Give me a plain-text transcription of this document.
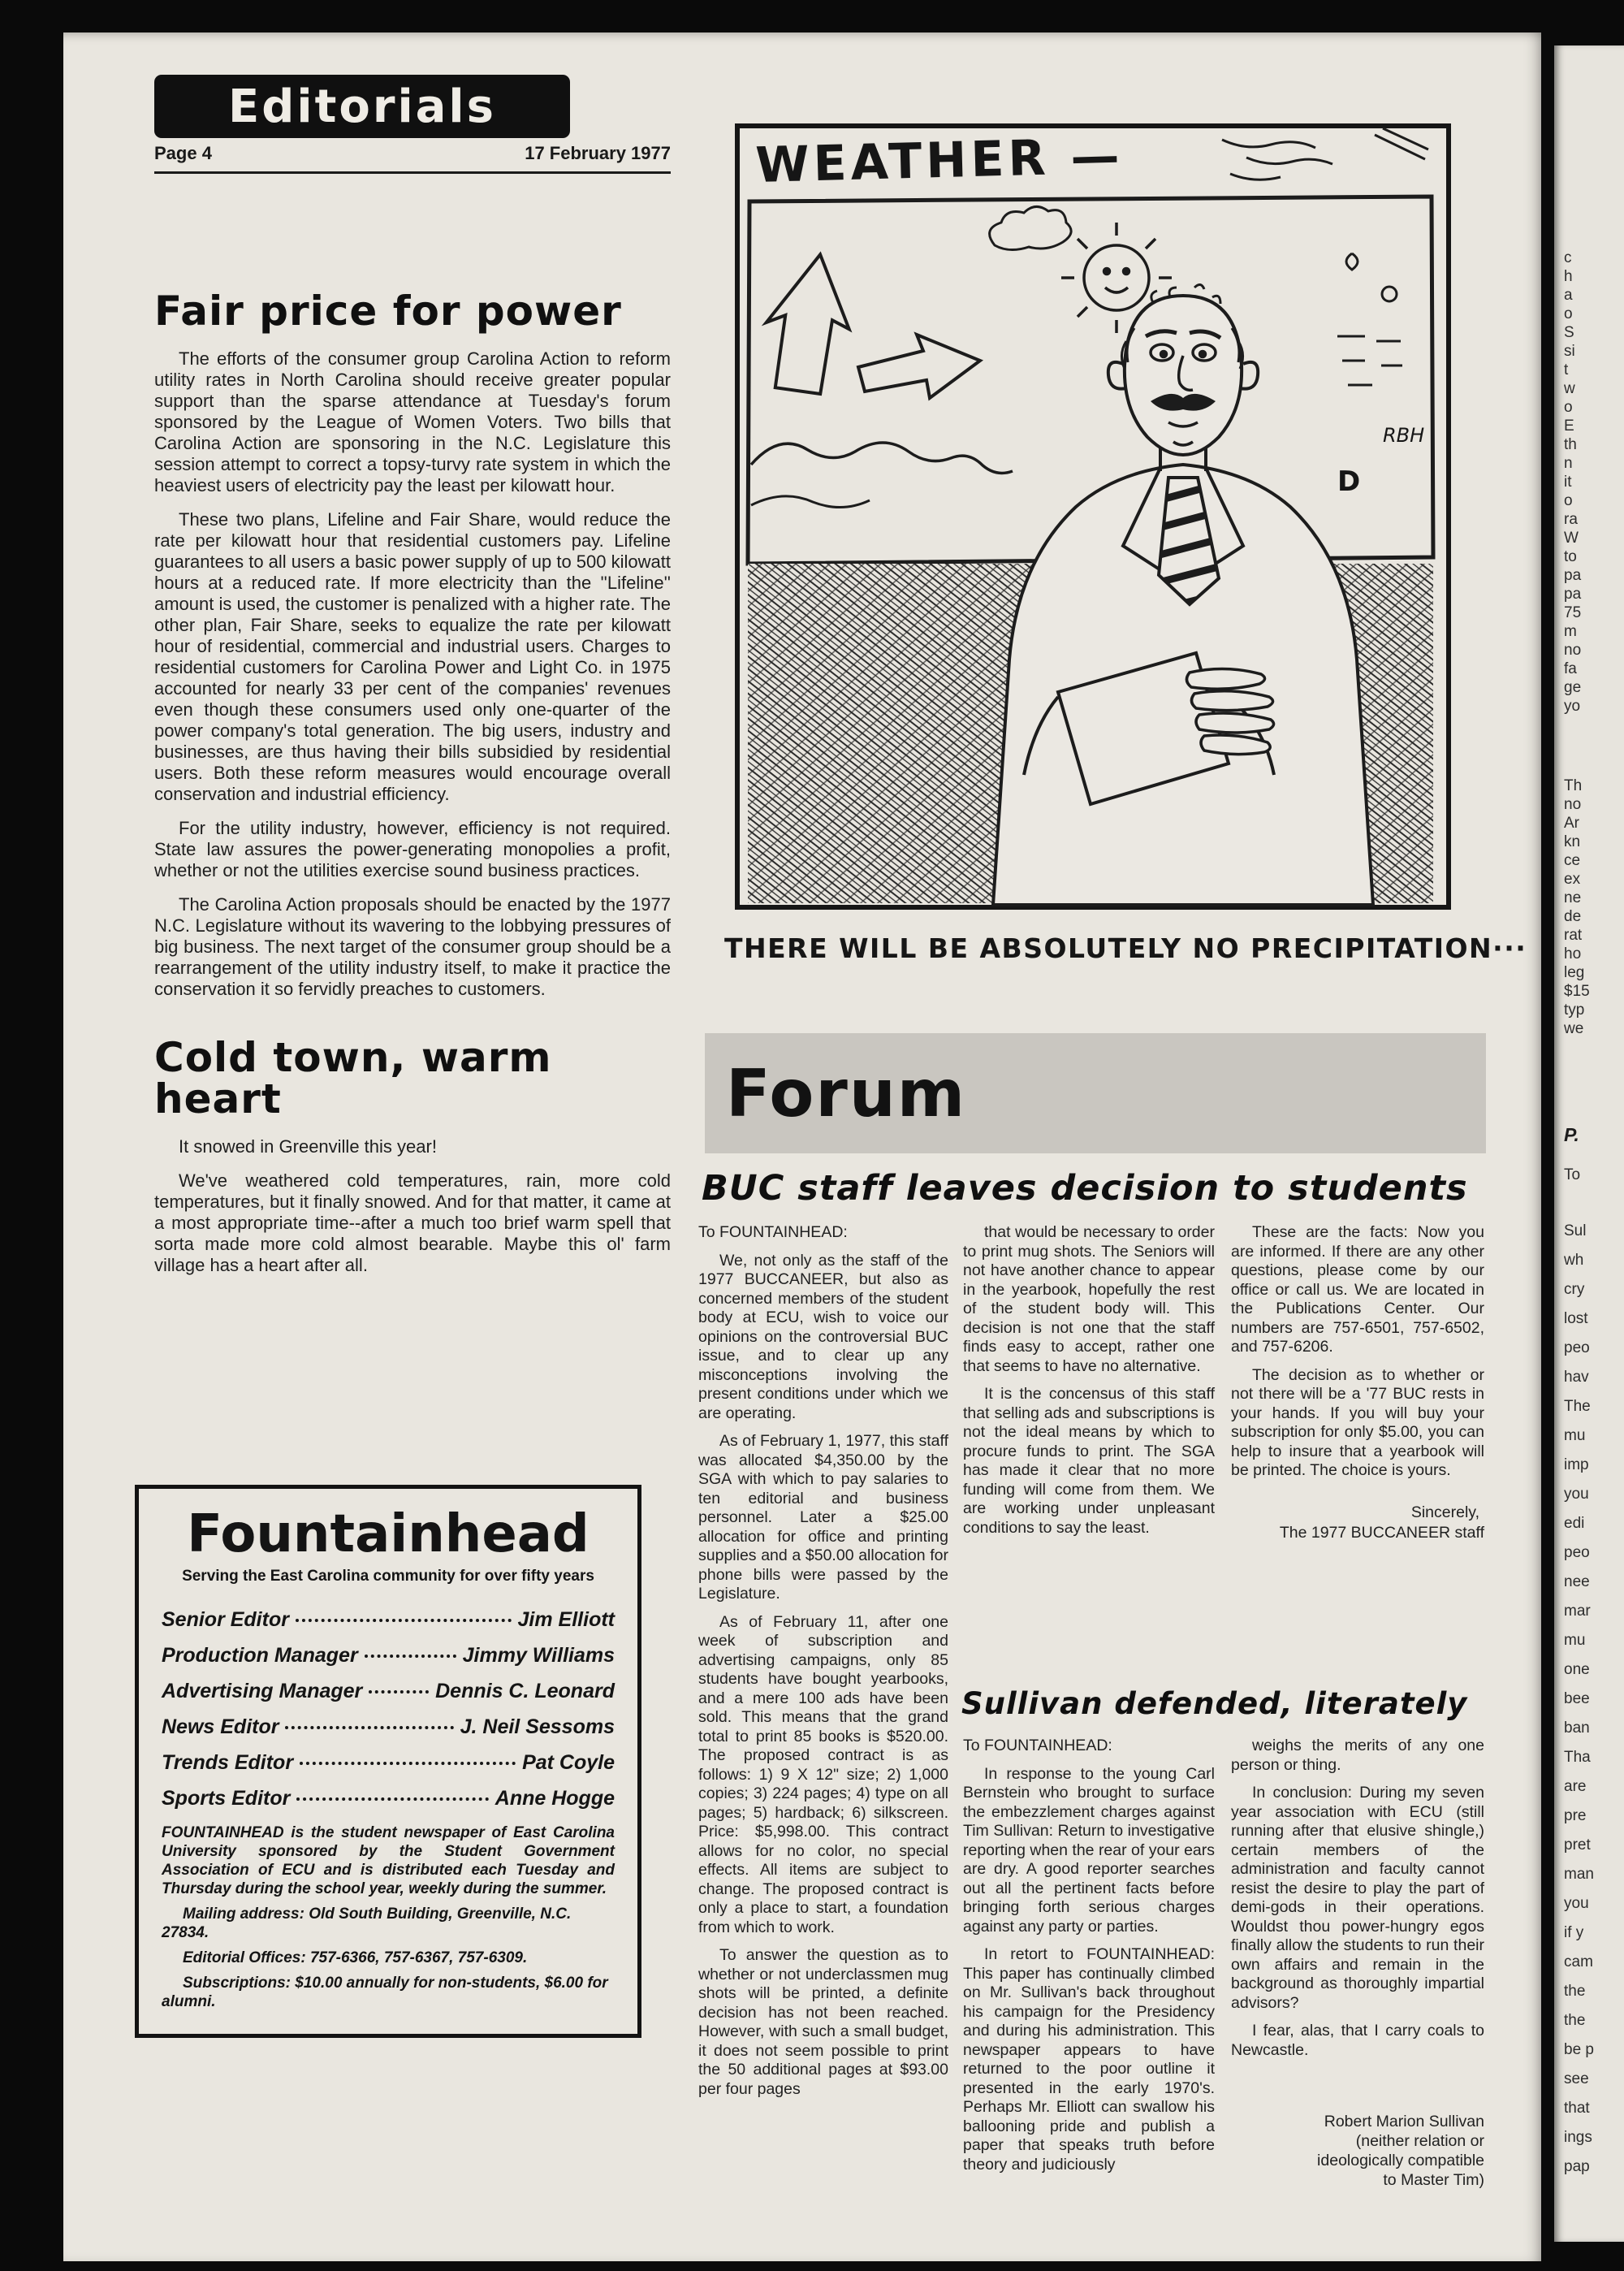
Editorials
Page 4	17 February 1977
Fair price for power

The efforts of the consumer group Carolina Action to reform utility rates in North Carolina should receive greater popular support than the sparse attendance at Tuesday's forum sponsored by the League of Women Voters. Two bills that Carolina Action are sponsoring in the N.C. Legislature this session attempt to correct a topsy-turvy rate system in which the heaviest users of electricity pay the least per kilowatt hour.

These two plans, Lifeline and Fair Share, would reduce the rate per kilowatt hour that residential customers pay. Lifeline guarantees to all users a basic power supply of up to 500 kilowatt hours at a reduced rate. If more electricity than the ''Lifeline'' amount is used, the customer is penalized with a higher rate. The other plan, Fair Share, seeks to equalize the rate per kilowatt hour of residential, commercial and industrial users. Charges to residential customers for Carolina Power and Light Co. in 1975 accounted for nearly 33 per cent of the companies' revenues even though these consumers used only one-quarter of the power company's total generation. The big users, industry and businesses, are thus having their bills subsidied by residential users. Both these reform measures would encourage overall conservation and industrial efficiency.

For the utility industry, however, efficiency is not required. State law assures the power-generating monopolies a profit, whether or not the utilities exercise sound business practices.

The Carolina Action proposals should be enacted by the 1977 N.C. Legislature without its wavering to the lobbying pressures of big business. The next target of the consumer group should be a rearrangement of the utility industry itself, to make it practice the conservation it so fervidly preaches to customers.

Cold town, warm heart

It snowed in Greenville this year!

We've weathered cold temperatures, rain, more cold temperatures, but it finally snowed. And for that matter, it came at a most appropriate time--after a much too brief warm spell that sorta made more cold almost bearable. Maybe this ol' farm village has a heart after all.

Fountainhead
Serving the East Carolina community for over fifty years
Senior Editor	Jim Elliott
Production Manager	Jimmy Williams
Advertising Manager	Dennis C. Leonard
News Editor	J. Neil Sessoms
Trends Editor	Pat Coyle
Sports Editor	Anne Hogge

FOUNTAINHEAD is the student newspaper of East Carolina University sponsored by the Student Government Association of ECU and is distributed each Tuesday and Thursday during the school year, weekly during the summer.

Mailing address: Old South Building, Greenville, N.C. 27834.

Editorial Offices: 757-6366, 757-6367, 757-6309.

Subscriptions: $10.00 annually for non-students, $6.00 for alumni.

WEATHER —
D
RBH
THERE WILL BE ABSOLUTELY NO PRECIPITATION···
Forum
BUC staff leaves decision to students

To FOUNTAINHEAD:

We, not only as the staff of the 1977 BUCCANEER, but also as concerned members of the student body at ECU, wish to voice our opinions on the controversial BUC issue, and to clear up any misconceptions involving the present conditions under which we are operating.

As of February 1, 1977, this staff was allocated $4,350.00 by the SGA with which to pay salaries to ten editorial and business personnel. Later a $25.00 allocation for office and printing supplies and a $50.00 allocation for phone bills were passed by the Legislature.

As of February 11, after one week of subscription and advertising campaigns, only 85 students have bought yearbooks, and a mere 100 ads have been sold. This means that the grand total to print 85 books is $520.00. The proposed contract is as follows: 1) 9 X 12" size; 2) 1,000 copies; 3) 224 pages; 4) type on all pages; 5) hardback; 6) silkscreen. Price: $5,998.00. This contract allows for no color, no special effects. All items are subject to change. The proposed contract is only a place to start, a foundation from which to work.

To answer the question as to whether or not underclassmen mug shots will be printed, a definite decision has not been reached. However, with such a small budget, it does not seem possible to print the 50 additional pages at $93.00 per four pages

that would be necessary to order to print mug shots. The Seniors will not have another chance to appear in the yearbook, hopefully the rest of the student body will. This decision is not one that the staff finds easy to accept, rather one that seems to have no alternative.

It is the concensus of this staff that selling ads and subscriptions is not the ideal means by which to procure funds to print. The SGA has made it clear that no more funding will come from them. We are working under unpleasant conditions to say the least.

These are the facts: Now you are informed. If there are any other questions, please come by our office or call us. We are located in the Publications Center. Our numbers are 757-6501, 757-6502, and 757-6206.

The decision as to whether or not there will be a '77 BUC rests in your hands. If you will buy your subscription for only $5.00, you can help to insure that a yearbook will be printed. The choice is yours.

Sincerely,

The 1977 BUCCANEER staff

Sullivan defended, literately

To FOUNTAINHEAD:

In response to the young Carl Bernstein who brought to surface the embezzlement charges against Tim Sullivan: Return to investigative reporting when the rear of your ears are dry. A good reporter searches out all the pertinent facts before bringing forth serious charges against any party or parties.

In retort to FOUNTAINHEAD: This paper has continually climbed on Mr. Sullivan's back throughout his campaign for the Presidency and during his administration. This newspaper appears to have returned to the poor outline it presented in the early 1970's. Perhaps Mr. Elliott can swallow his ballooning pride and publish a paper that speaks truth before theory and judiciously

weighs the merits of any one person or thing.

In conclusion: During my seven year association with ECU (still running after that elusive shingle,) certain members of the administration and faculty cannot resist the desire to play the part of demi-gods in their operations. Wouldst thou power-hungry egos finally allow the students to run their own affairs and remain in the background as thoroughly impartial advisors?

I fear, alas, that I carry coals to Newcastle.

Robert Marion Sullivan
(neither relation or
ideologically compatible
to Master Tim)
c
h
a
o
S
si
t
w
o
E
th
n
it
o
ra
W
to
pa
pa
75
m
no
fa
ge
yo
Th
no
Ar
kn
ce
ex
ne
de
rat
ho
leg
$15
typ
we
P.
To
Sul
wh
cry
lost
peo
hav
The
mu
imp
you
edi
peo
nee
mar
mu
one
bee
ban
Tha
are
pre
pret
man
you
if y
cam
the
the
be p
see
that
ings
pap
